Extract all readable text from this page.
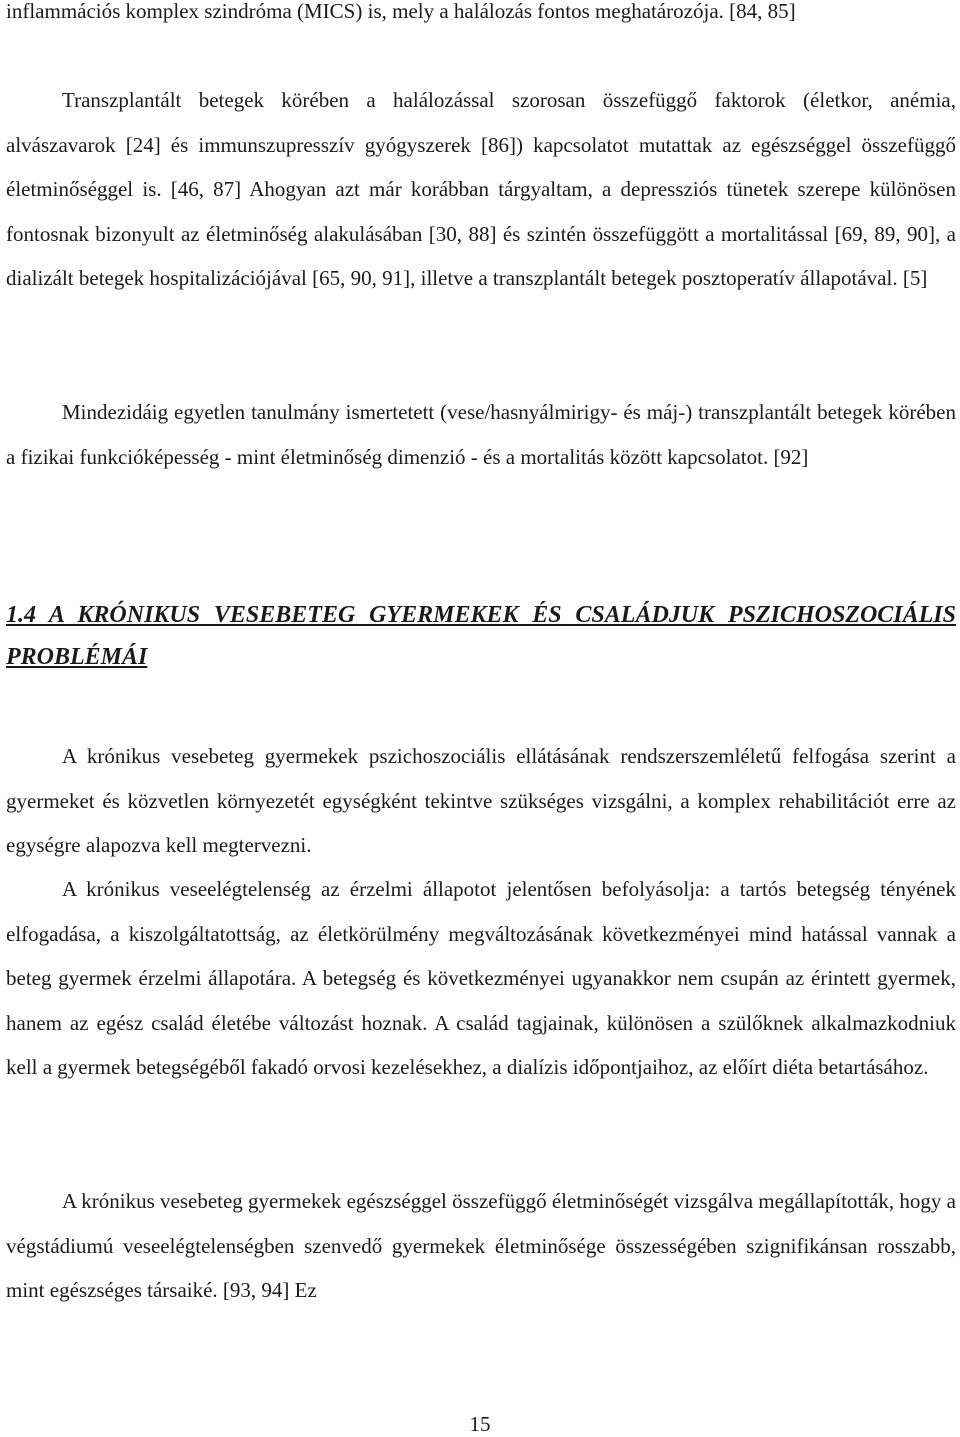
inflammációs komplex szindróma (MICS) is, mely a halálozás fontos meghatározója. [84, 85]

Transzplantált betegek körében a halálozással szorosan összefüggő faktorok (életkor, anémia, alvászavarok [24] és immunszupresszív gyógyszerek [86]) kapcsolatot mutattak az egészséggel összefüggő életminőséggel is. [46, 87] Ahogyan azt már korábban tárgyaltam, a depressziós tünetek szerepe különösen fontosnak bizonyult az életminőség alakulásában [30, 88] és szintén összefüggött a mortalitással [69, 89, 90], a dializált betegek hospitalizációjával [65, 90, 91], illetve a transzplantált betegek posztoperatív állapotával. [5]

Mindezidáig egyetlen tanulmány ismertetett (vese/hasnyálmirigy- és máj-) transzplantált betegek körében a fizikai funkcióképesség - mint életminőség dimenzió - és a mortalitás között kapcsolatot. [92]

1.4 A KRÓNIKUS VESEBETEG GYERMEKEK ÉS CSALÁDJUK PSZICHOSZOCIÁLIS PROBLÉMÁI

A krónikus vesebeteg gyermekek pszichoszociális ellátásának rendszerszemléletű felfogása szerint a gyermeket és közvetlen környezetét egységként tekintve szükséges vizsgálni, a komplex rehabilitációt erre az egységre alapozva kell megtervezni.

A krónikus veseelégtelenség az érzelmi állapotot jelentősen befolyásolja: a tartós betegség tényének elfogadása, a kiszolgáltatottság, az életkörülmény megváltozásának következményei mind hatással vannak a beteg gyermek érzelmi állapotára. A betegség és következményei ugyanakkor nem csupán az érintett gyermek, hanem az egész család életébe változást hoznak. A család tagjainak, különösen a szülőknek alkalmazkodniuk kell a gyermek betegségéből fakadó orvosi kezelésekhez, a dialízis időpontjaihoz, az előírt diéta betartásához.

A krónikus vesebeteg gyermekek egészséggel összefüggő életminőségét vizsgálva megállapították, hogy a végstádiumú veseelégtelenségben szenvedő gyermekek életminősége összességében szignifikánsan rosszabb, mint egészséges társaiké. [93, 94] Ez

15
